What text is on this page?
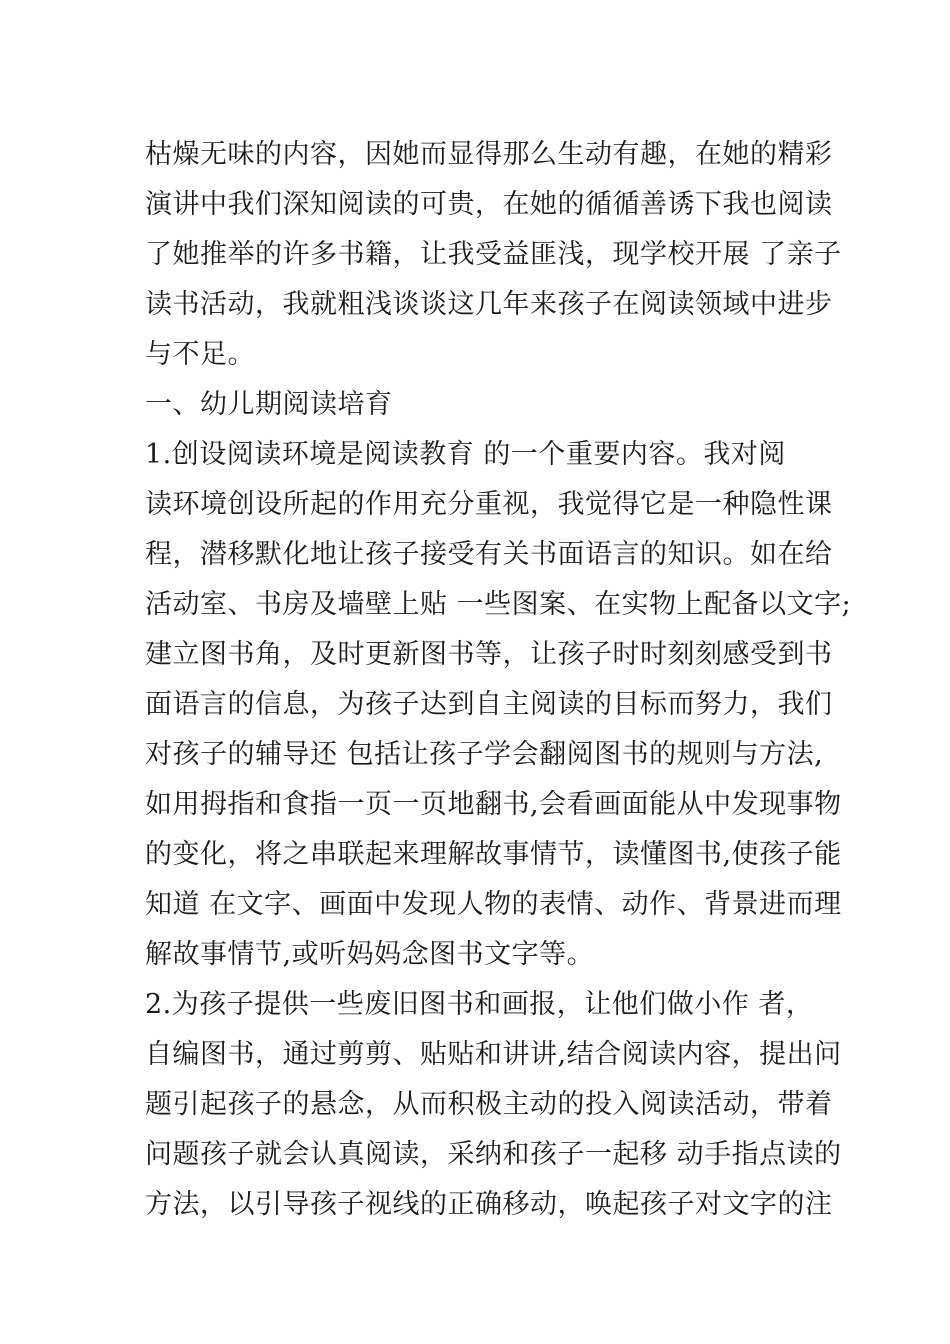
枯燥无味的内容，因她而显得那么生动有趣，在她的精彩
演讲中我们深知阅读的可贵，在她的循循善诱下我也阅读
了她推举的许多书籍，让我受益匪浅，现学校开展 了亲子
读书活动，我就粗浅谈谈这几年来孩子在阅读领域中进步
与不足。
一、幼儿期阅读培育
1.创设阅读环境是阅读教育 的一个重要内容。我对阅
读环境创设所起的作用充分重视，我觉得它是一种隐性课
程，潜移默化地让孩子接受有关书面语言的知识。如在给
活动室、书房及墙壁上贴 一些图案、在实物上配备以文字;
建立图书角，及时更新图书等，让孩子时时刻刻感受到书
面语言的信息，为孩子达到自主阅读的目标而努力，我们
对孩子的辅导还 包括让孩子学会翻阅图书的规则与方法,
如用拇指和食指一页一页地翻书,会看画面能从中发现事物
的变化，将之串联起来理解故事情节，读懂图书,使孩子能
知道 在文字、画面中发现人物的表情、动作、背景进而理
解故事情节,或听妈妈念图书文字等。
2.为孩子提供一些废旧图书和画报，让他们做小作 者，
自编图书，通过剪剪、贴贴和讲讲,结合阅读内容，提出问
题引起孩子的悬念，从而积极主动的投入阅读活动，带着
问题孩子就会认真阅读，采纳和孩子一起移 动手指点读的
方法，以引导孩子视线的正确移动，唤起孩子对文字的注
